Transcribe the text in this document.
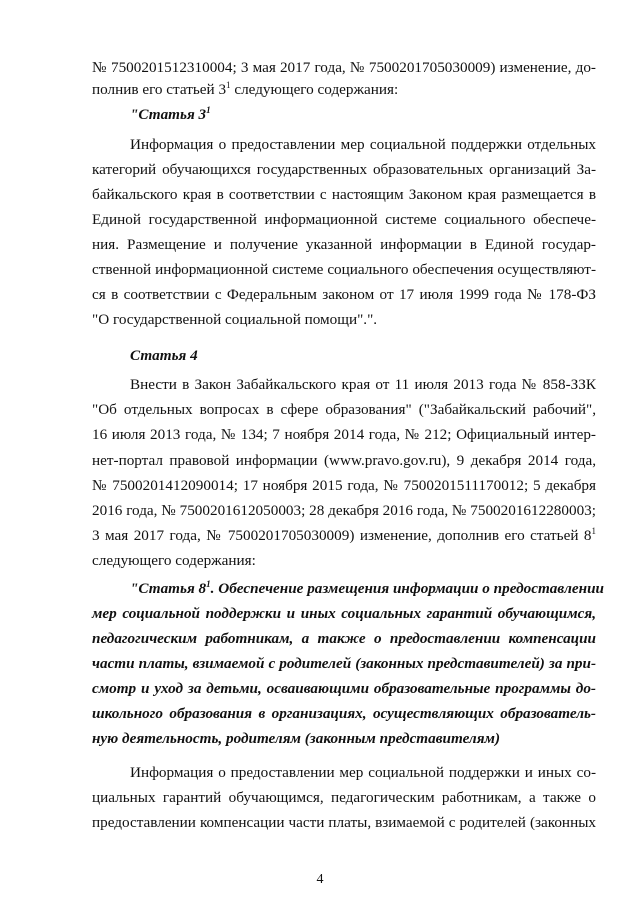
№ 7500201512310004; 3 мая 2017 года, № 7500201705030009) изменение, до-
полнив его статьей $3^1$ следующего содержания:
"Статья $3^1$
Информация о предоставлении мер социальной поддержки отдельных
категорий обучающихся государственных образовательных организаций За-
байкальского края в соответствии с настоящим Законом края размещается в
Единой государственной информационной системе социального обеспече-
ния. Размещение и получение указанной информации в Единой государ-
ственной информационной системе социального обеспечения осуществляют-
ся в соответствии с Федеральным законом от 17 июля 1999 года № 178-ФЗ
"О государственной социальной помощи".".
Статья 4
Внести в Закон Забайкальского края от 11 июля 2013 года № 858-ЗЗК
"Об отдельных вопросах в сфере образования" ("Забайкальский рабочий",
16 июля 2013 года, № 134; 7 ноября 2014 года, № 212; Официальный интер-
нет-портал правовой информации (www.pravo.gov.ru), 9 декабря 2014 года,
№ 7500201412090014; 17 ноября 2015 года, № 7500201511170012; 5 декабря
2016 года, № 7500201612050003; 28 декабря 2016 года, № 7500201612280003;
3 мая 2017 года, № 7500201705030009) изменение, дополнив его статьей $8^1$
следующего содержания:
"Статья $8^1$. Обеспечение размещения информации о предоставлении
мер социальной поддержки и иных социальных гарантий обучающимся,
педагогическим работникам, а также о предоставлении компенсации
части платы, взимаемой с родителей (законных представителей) за при-
смотр и уход за детьми, осваивающими образовательные программы до-
школьного образования в организациях, осуществляющих образователь-
ную деятельность, родителям (законным представителям)
Информация о предоставлении мер социальной поддержки и иных со-
циальных гарантий обучающимся, педагогическим работникам, а также о
предоставлении компенсации части платы, взимаемой с родителей (законных
4
